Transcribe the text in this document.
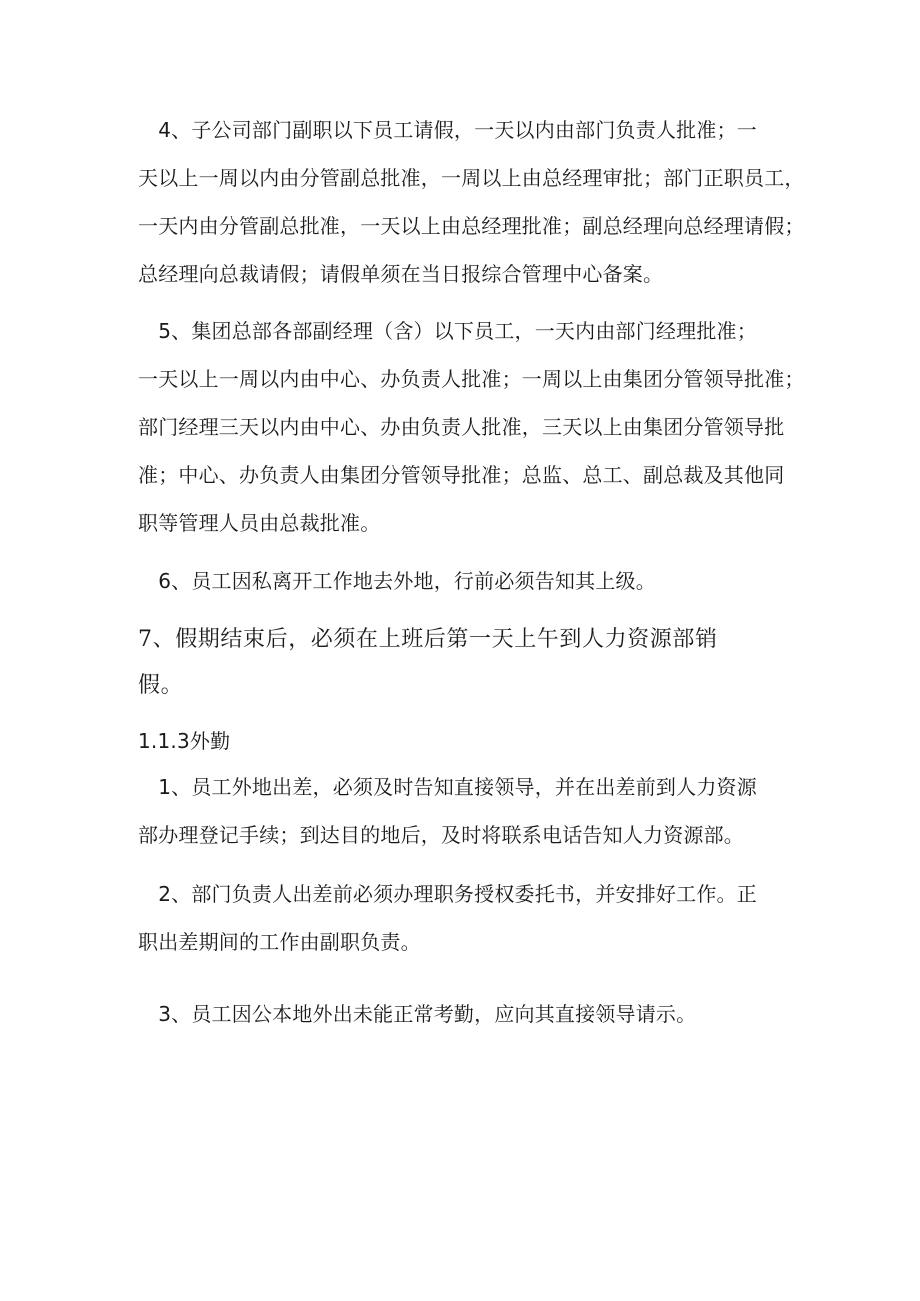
　4、子公司部门副职以下员工请假，一天以内由部门负责人批准；一
天以上一周以内由分管副总批准，一周以上由总经理审批；部门正职员工，
一天内由分管副总批准，一天以上由总经理批准；副总经理向总经理请假；
总经理向总裁请假；请假单须在当日报综合管理中心备案。

　5、集团总部各部副经理（含）以下员工，一天内由部门经理批准；
一天以上一周以内由中心、办负责人批准；一周以上由集团分管领导批准；
部门经理三天以内由中心、办由负责人批准，三天以上由集团分管领导批
准；中心、办负责人由集团分管领导批准；总监、总工、副总裁及其他同
职等管理人员由总裁批准。

　6、员工因私离开工作地去外地，行前必须告知其上级。

7、假期结束后，必须在上班后第一天上午到人力资源部销
假。

1.1.3外勤

　1、员工外地出差，必须及时告知直接领导，并在出差前到人力资源
部办理登记手续；到达目的地后，及时将联系电话告知人力资源部。

　2、部门负责人出差前必须办理职务授权委托书，并安排好工作。正
职出差期间的工作由副职负责。

　3、员工因公本地外出未能正常考勤，应向其直接领导请示。
